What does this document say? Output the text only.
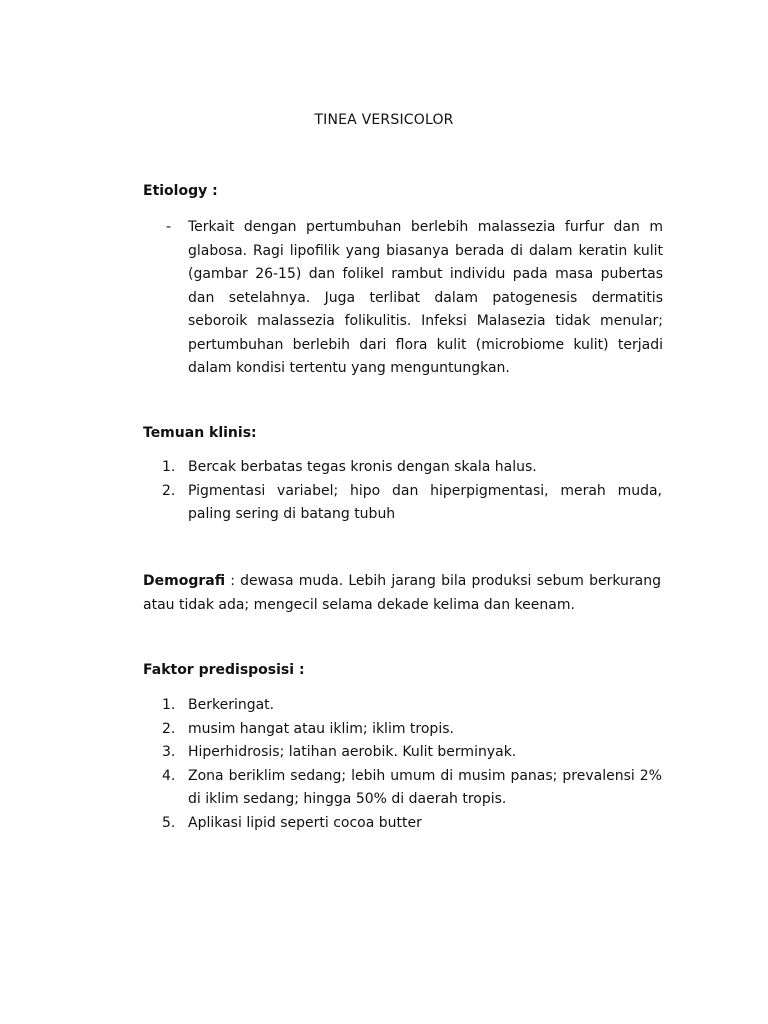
TINEA VERSICOLOR
Etiology :
-	Terkait dengan pertumbuhan berlebih malassezia furfur dan m glabosa. Ragi lipofilik yang biasanya berada di dalam keratin kulit (gambar 26-15) dan folikel rambut individu pada masa pubertas dan setelahnya. Juga terlibat dalam patogenesis dermatitis seboroik malassezia folikulitis. Infeksi Malasezia tidak menular; pertumbuhan berlebih dari flora kulit (microbiome kulit) terjadi dalam kondisi tertentu yang menguntungkan.
Temuan klinis:
1. Bercak berbatas tegas kronis dengan skala halus.
2. Pigmentasi variabel; hipo dan hiperpigmentasi, merah muda, paling sering di batang tubuh
Demografi : dewasa muda. Lebih jarang bila produksi sebum berkurang atau tidak ada; mengecil selama dekade kelima dan keenam.
Faktor predisposisi :
1. Berkeringat.
2. musim hangat atau iklim; iklim tropis.
3. Hiperhidrosis; latihan aerobik. Kulit berminyak.
4. Zona beriklim sedang; lebih umum di musim panas; prevalensi 2% di iklim sedang; hingga 50% di daerah tropis.
5. Aplikasi lipid seperti cocoa butter
